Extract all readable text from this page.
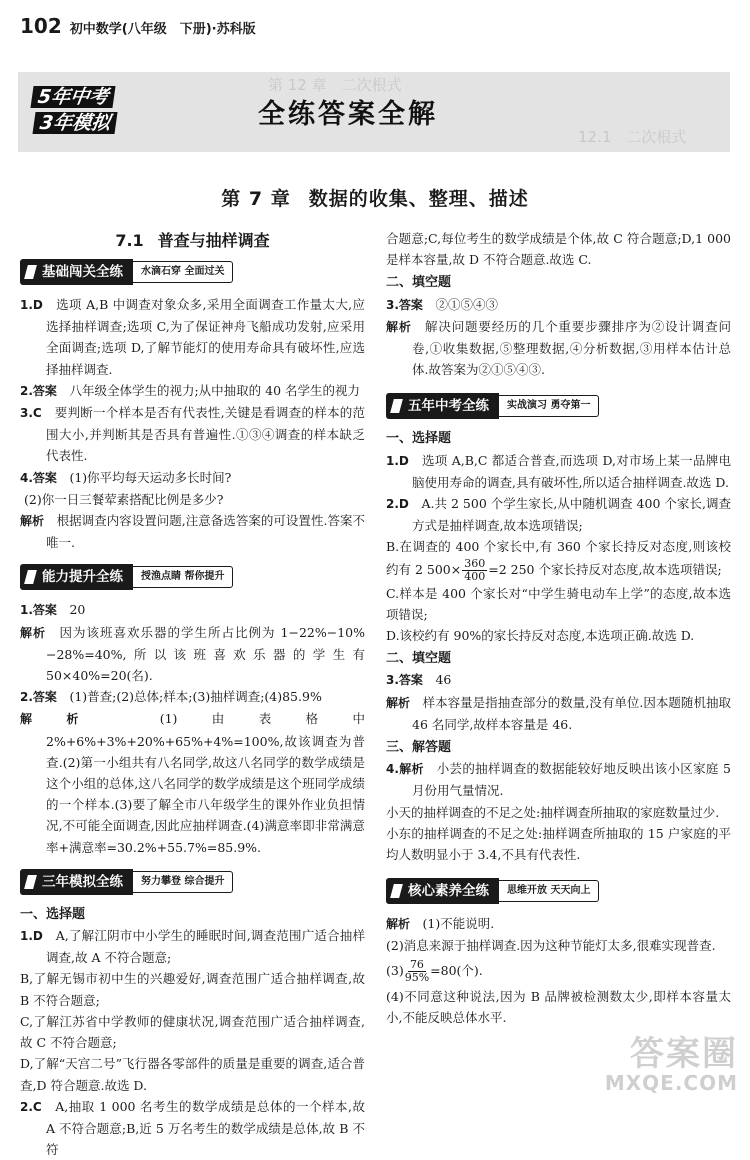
102 初中数学(八年级　下册)·苏科版
第 12 章　二次根式
12.1　二次根式
5年中考
3年模拟	全练答案全解
第 7 章 数据的收集、整理、描述
7.1 普查与抽样调查
基础闯关全练	水滴石穿 全面过关
1.D　 选项 A,B 中调查对象众多,采用全面调查工作量太大,应选择抽样调查;选项 C,为了保证神舟飞船成功发射,应采用全面调查;选项 D,了解节能灯的使用寿命具有破坏性,应选择抽样调查.
2.答案　 八年级全体学生的视力;从中抽取的 40 名学生的视力
3.C　 要判断一个样本是否有代表性,关键是看调查的样本的范围大小,并判断其是否具有普遍性.①③④调查的样本缺乏代表性.
4.答案　 (1)你平均每天运动多长时间?
(2)你一日三餐荤素搭配比例是多少?
解析　 根据调查内容设置问题,注意备选答案的可设置性.答案不唯一.
能力提升全练	授渔点睛 帮你提升
1.答案　 20
解析　 因为该班喜欢乐器的学生所占比例为 1−22%−10%−28%=40%,所以该班喜欢乐器的学生有 50×40%=20(名).
2.答案　 (1)普查;(2)总体;样本;(3)抽样调查;(4)85.9%
解析　	(1)由表格中 2%+6%+3%+20%+65%+4%=100%,故该调查为普查.(2)第一小组共有八名同学,故这八名同学的数学成绩是这个小组的总体,这八名同学的数学成绩是这个班同学成绩的一个样本.(3)要了解全市八年级学生的课外作业负担情况,不可能全面调查,因此应抽样调查.(4)满意率即非常满意率+满意率=30.2%+55.7%=85.9%.
三年模拟全练	努力攀登 综合提升
一、选择题
1.D　 A,了解江阴市中小学生的睡眠时间,调查范围广适合抽样调查,故 A 不符合题意;
B,了解无锡市初中生的兴趣爱好,调查范围广适合抽样调查,故 B 不符合题意;
C,了解江苏省中学教师的健康状况,调查范围广适合抽样调查,故 C 不符合题意;
D,了解“天宫二号”飞行器各零部件的质量是重要的调查,适合普查,D 符合题意.故选 D.
2.C　 A,抽取 1 000 名考生的数学成绩是总体的一个样本,故 A 不符合题意;B,近 5 万名考生的数学成绩是总体,故 B 不符
合题意;C,每位考生的数学成绩是个体,故 C 符合题意;D,1 000 是样本容量,故 D 不符合题意.故选 C.
二、填空题
3.答案　 ②①⑤④③
解析　 解决问题要经历的几个重要步骤排序为②设计调查问卷,①收集数据,⑤整理数据,④分析数据,③用样本估计总体.故答案为②①⑤④③.
五年中考全练	实战演习 勇夺第一
一、选择题
1.D　 选项 A,B,C 都适合普查,而选项 D,对市场上某一品牌电脑使用寿命的调查,具有破坏性,所以适合抽样调查.故选 D.
2.D　 A.共 2 500 个学生家长,从中随机调查 400 个家长,调查方式是抽样调查,故本选项错误;
B.在调查的 400 个家长中,有 360 个家长持反对态度,则该校约有 2 $500\times \frac{360}{400} =2$ 250 个家长持反对态度,故本选项错误;
C.样本是 400 个家长对“中学生骑电动车上学”的态度,故本选项错误;
D.该校约有 90%的家长持反对态度,本选项正确.故选 D.
二、填空题
3.答案　 46
解析　 样本容量是指抽查部分的数量,没有单位.因本题随机抽取 46 名同学,故样本容量是 46.
三、解答题
4.解析　 小芸的抽样调查的数据能较好地反映出该小区家庭 5 月份用气量情况.
小天的抽样调查的不足之处:抽样调查所抽取的家庭数量过少.
小东的抽样调查的不足之处:抽样调查所抽取的 15 户家庭的平均人数明显小于 3.4,不具有代表性.
核心素养全练	思维开放 天天向上
解析　 (1)不能说明.
(2)消息来源于抽样调查.因为这种节能灯太多,很难实现普查.
$(3) \frac{76}{95\%} =80$(个).
(4)不同意这种说法,因为 B 品牌被检测数太少,即样本容量太小,不能反映总体水平.
答案圈
MXQE.COM
